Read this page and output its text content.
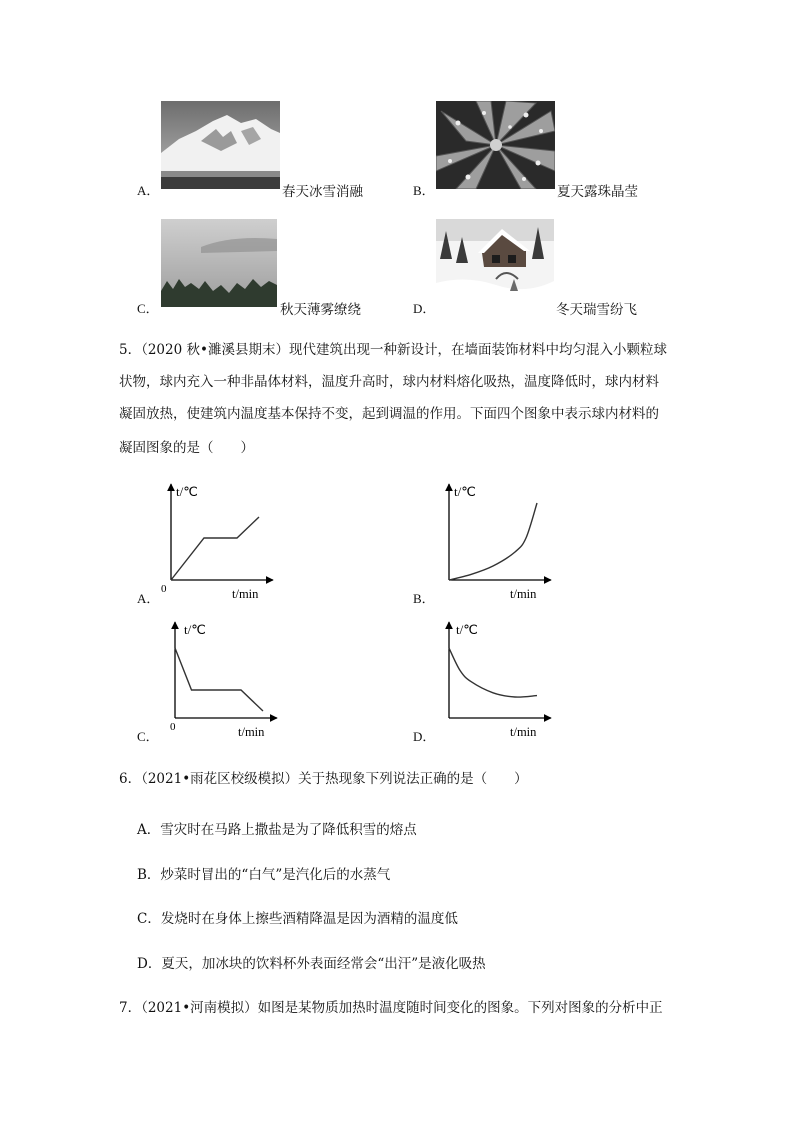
A．	春天冰雪消融	B．	夏天露珠晶莹
C．	秋天薄雾缭绕	D．	冬天瑞雪纷飞
5．（2020 秋•濉溪县期末）现代建筑出现一种新设计，在墙面装饰材料中均匀混入小颗粒球
状物，球内充入一种非晶体材料，温度升高时，球内材料熔化吸热，温度降低时，球内材料
凝固放热，使建筑内温度基本保持不变，起到调温的作用。下面四个图象中表示球内材料的
凝固图象的是（　　）
t/℃
t/min
0
A．
t/℃
t/min
B．
t/℃
t/min
0
C．
t/℃
t/min
D．
6．（2021•雨花区校级模拟）关于热现象下列说法正确的是（　　）
A．雪灾时在马路上撒盐是为了降低积雪的熔点
B．炒菜时冒出的“白气”是汽化后的水蒸气
C．发烧时在身体上擦些酒精降温是因为酒精的温度低
D．夏天，加冰块的饮料杯外表面经常会“出汗”是液化吸热
7．（2021•河南模拟）如图是某物质加热时温度随时间变化的图象。下列对图象的分析中正
